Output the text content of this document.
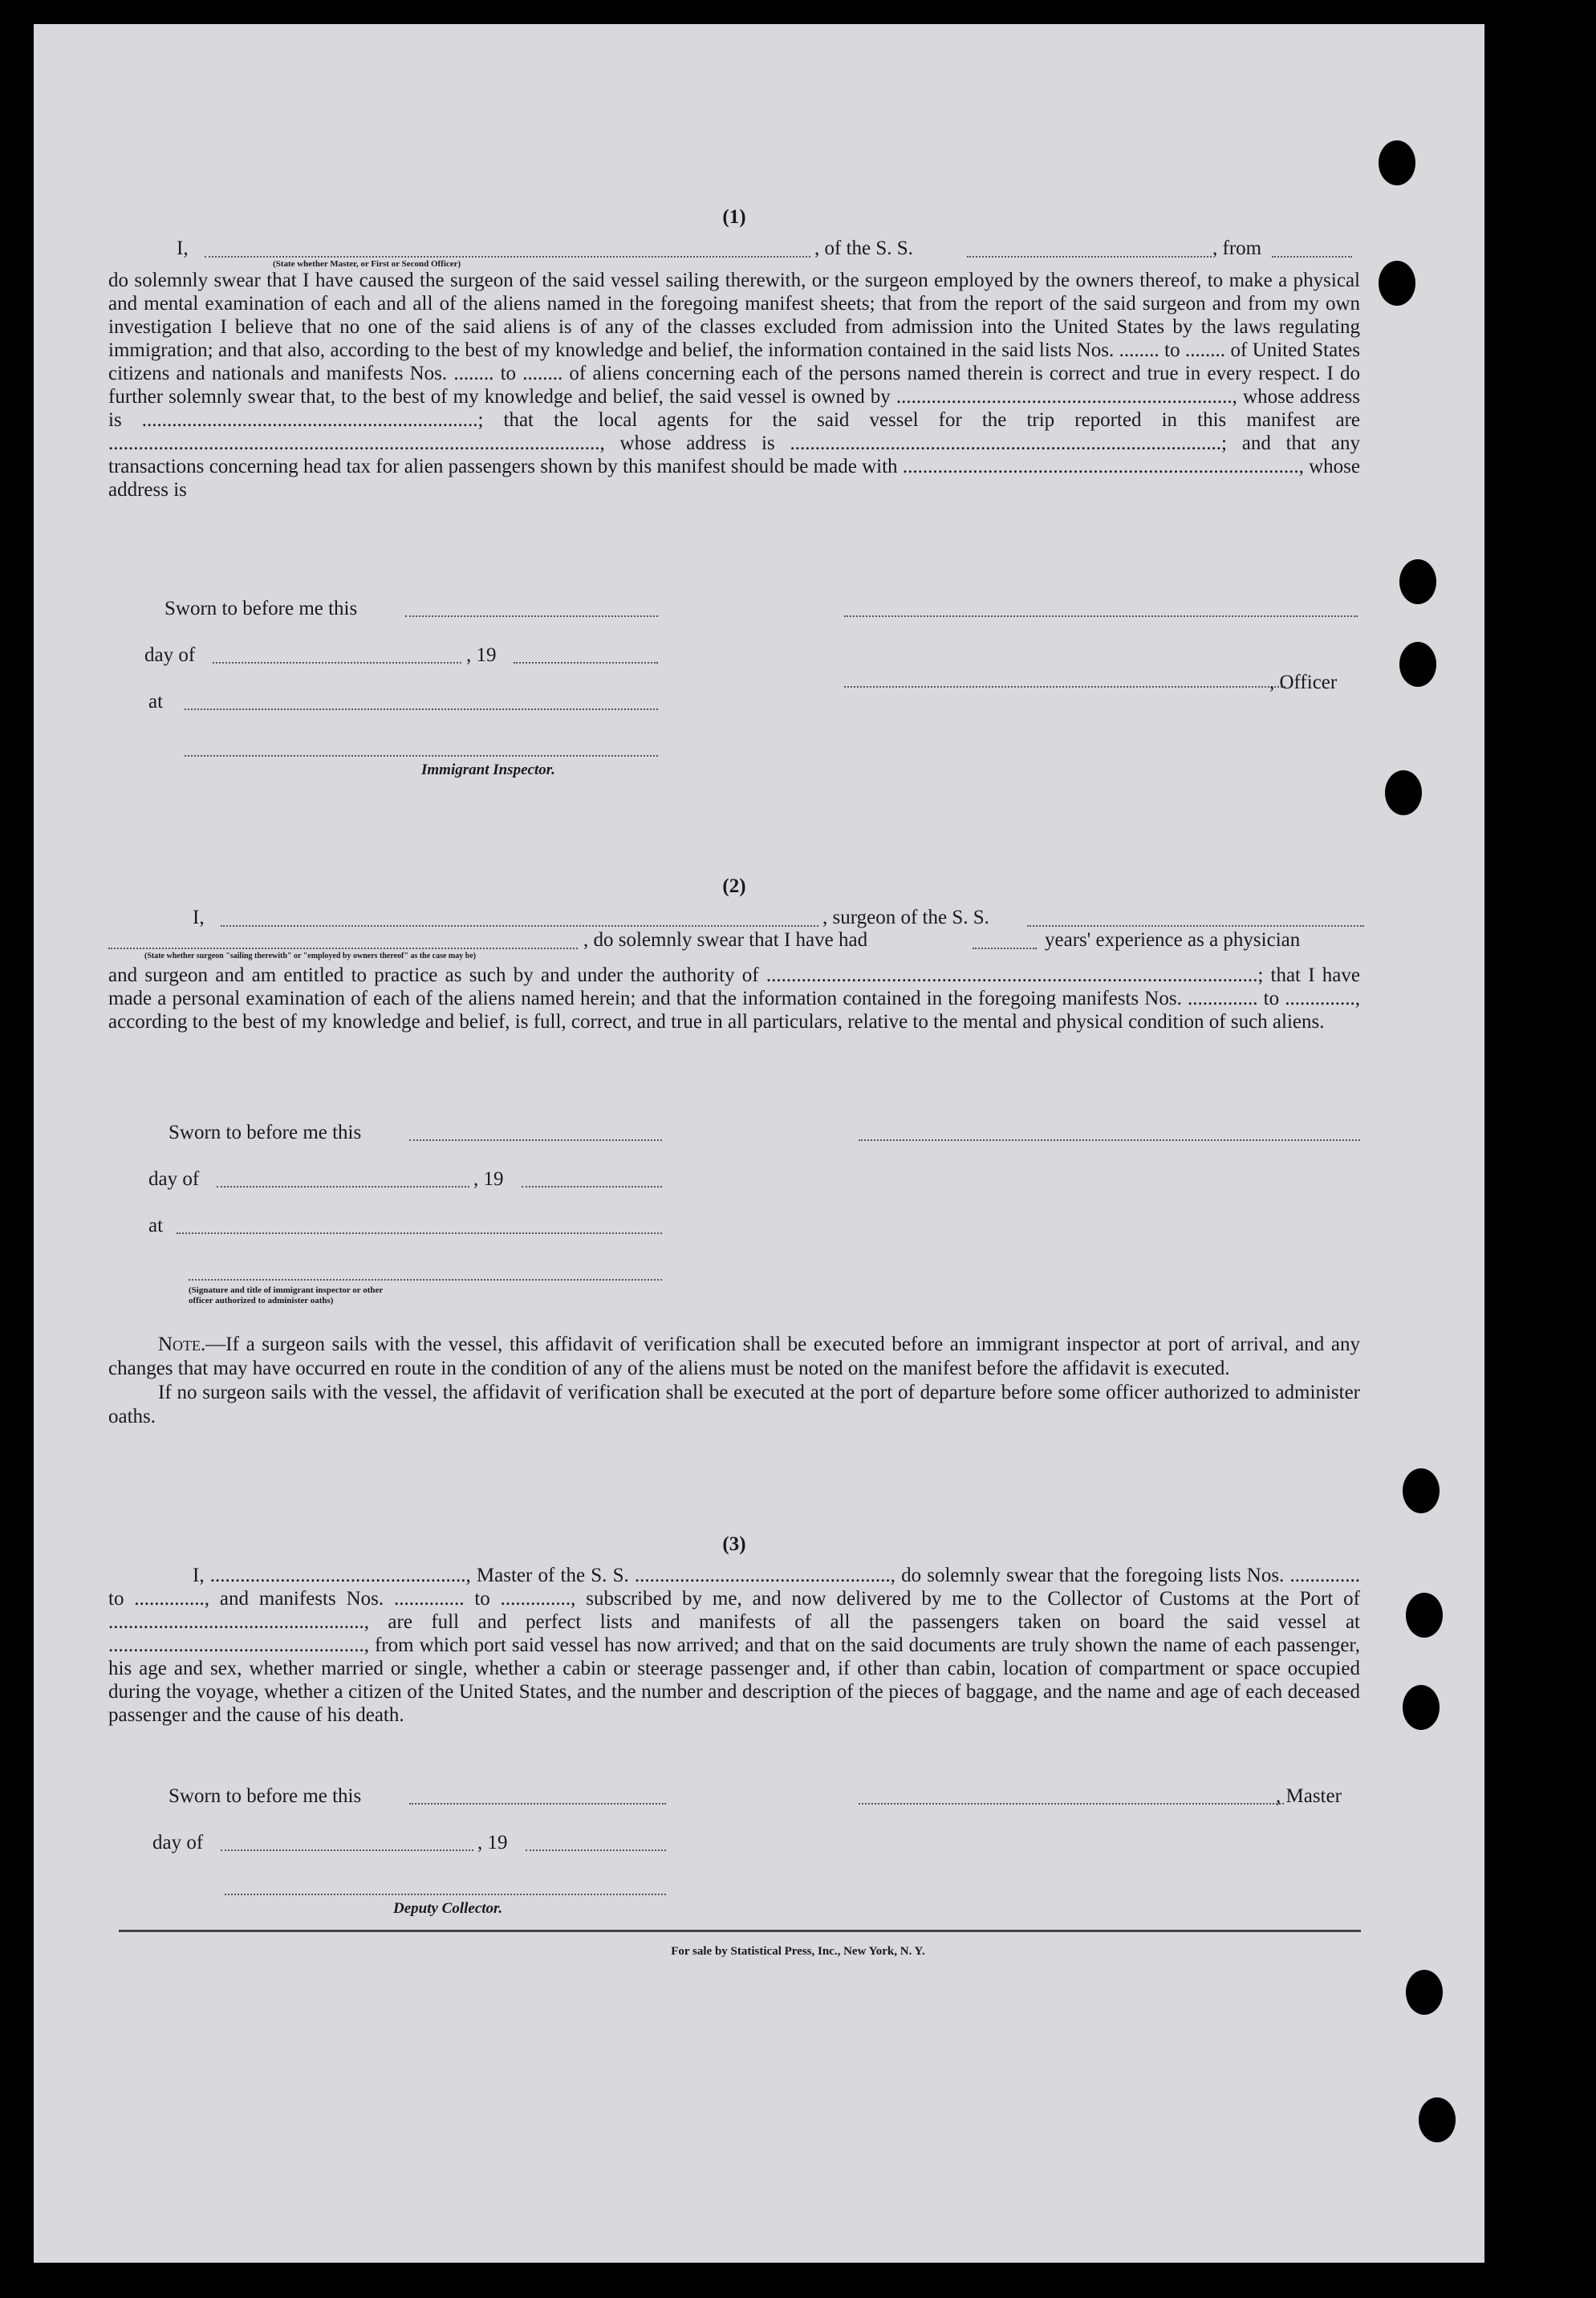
(1)
I,
(State whether Master, or First or Second Officer)
, of the S. S.	, from
do solemnly swear that I have caused the surgeon of the said vessel sailing therewith, or the surgeon employed by the owners thereof, to make a physical and mental examination of each and all of the aliens named in the foregoing manifest sheets; that from the report of the said surgeon and from my own investigation I believe that no one of the said aliens is of any of the classes excluded from admission into the United States by the laws regulating immigration; and that also, according to the best of my knowledge and belief, the information contained in the said lists Nos. ........ to ........ of United States citizens and nationals and manifests Nos. ........ to ........ of aliens concerning each of the persons named therein is correct and true in every respect. I do further solemnly swear that, to the best of my knowledge and belief, the said vessel is owned by ..................................................................., whose address is ...................................................................; that the local agents for the said vessel for the trip reported in this manifest are .................................................................................................., whose address is ......................................................................................; and that any transactions concerning head tax for alien passengers shown by this manifest should be made with ..............................................................................., whose address is
Sworn to before me this
day of	, 19
at
Immigrant Inspector.
, Officer
(2)
I,	, surgeon of the S. S.
, do solemnly swear that I have had	years' experience as a physician
(State whether surgeon "sailing therewith" or "employed by owners thereof" as the case may be)
and surgeon and am entitled to practice as such by and under the authority of ..................................................................................................; that I have made a personal examination of each of the aliens named herein; and that the information contained in the foregoing manifests Nos. .............. to .............., according to the best of my knowledge and belief, is full, correct, and true in all particulars, relative to the mental and physical condition of such aliens.
Sworn to before me this
day of	, 19
at
(Signature and title of immigrant inspector or other officer authorized to administer oaths)
Note.—If a surgeon sails with the vessel, this affidavit of verification shall be executed before an immigrant inspector at port of arrival, and any changes that may have occurred en route in the condition of any of the aliens must be noted on the manifest before the affidavit is executed.
If no surgeon sails with the vessel, the affidavit of verification shall be executed at the port of departure before some officer authorized to administer oaths.
(3)
I, ..................................................., Master of the S. S. ..................................................., do solemnly swear that the foregoing lists Nos. .............. to .............., and manifests Nos. .............. to .............., subscribed by me, and now delivered by me to the Collector of Customs at the Port of ..................................................., are full and perfect lists and manifests of all the passengers taken on board the said vessel at ..................................................., from which port said vessel has now arrived; and that on the said documents are truly shown the name of each passenger, his age and sex, whether married or single, whether a cabin or steerage passenger and, if other than cabin, location of compartment or space occupied during the voyage, whether a citizen of the United States, and the number and description of the pieces of baggage, and the name and age of each deceased passenger and the cause of his death.
Sworn to before me this
day of	, 19
Deputy Collector.
, Master
For sale by Statistical Press, Inc., New York, N. Y.
